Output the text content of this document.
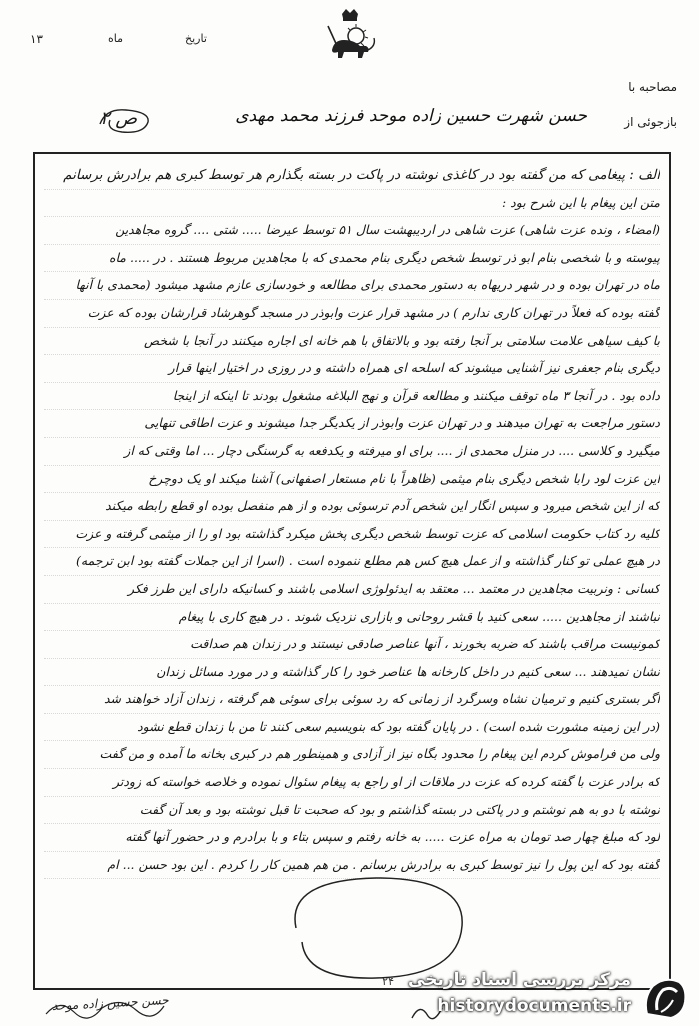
تاریخ
ماه
۱۳
مصاحبه با
بازجوئی از
حسن شهرت حسین زاده موحد فرزند محمد مهدی
ص ۲
الف : پیغامی که من گفته بود در کاغذی نوشته در پاکت در بسته بگذارم هر توسط کبری هم برادرش برسانم
متن این پیغام با این شرح بود :
(امضاء ، ونده عزت شاهی) عزت شاهی در اردیبهشت سال ۵۱ توسط عیرضا ..... شتی .... گروه مجاهدین
پیوسته و با شخصی بنام ابو ذر توسط شخص دیگری بنام محمدی که با مجاهدین مربوط هستند . در ..... ماه
ماه در تهران بوده و در شهر دریهاه به دستور محمدی برای مطالعه و خودسازی عازم مشهد میشود (محمدی با آنها
گفته بوده که فعلاً در تهران کاری ندارم ) در مشهد قرار عزت وابوذر در مسجد گوهرشاد قرارشان بوده که عزت
با کیف سیاهی علامت سلامتی بر آنجا رفته بود و بالاتفاق با هم خانه ای اجاره میکنند در آنجا با شخص
دیگری بنام جعفری نیز آشنایی میشوند که اسلحه ای همراه داشته و در روزی در اختیار اینها قرار
داده بود . در آنجا ۳ ماه توقف میکنند و مطالعه قرآن و نهج البلاغه مشغول بودند تا اینکه از اینجا
دستور مراجعت به تهران میدهند و در تهران عزت وابوذر از یکدیگر جدا میشوند و عزت اطاقی تنهایی
میگیرد و کلاسی .... در منزل محمدی از .... برای او میرفته و یکدفعه به گرسنگی دچار ... اما وقتی که از
این عزت لود رابا شخص دیگری بنام میثمی (ظاهراً با نام مستعار اصفهانی) آشنا میکند او یک دوچرخ
که از این شخص میرود و سپس انگار این شخص آدم ترسوئی بوده و از هم منفصل بوده او قطع رابطه میکند
کلیه رد کتاب حکومت اسلامی که عزت توسط شخص دیگری پخش میکرد گذاشته بود او را از میثمی گرفته و عزت
در هیچ عملی تو کنار گذاشته و از عمل هیچ کس هم مطلع ننموده است . (اسرا از این جملات گفته بود ابن ترجمه)
کسانی : ونربیت مجاهدین در معتمد ... معتقد به ایدئولوژی اسلامی باشند و کسانیکه دارای این طرز فکر
نباشند از مجاهدین ..... سعی کنید با قشر روحانی و بازاری نزدیک شوند . در هیچ کاری با پیغام
کمونیست مراقب باشند که ضربه بخورند ، آنها عناصر صادقی نیستند و در زندان هم صداقت
نشان نمیدهند ... سعی کنیم در داخل کارخانه ها عناصر خود را کار گذاشته و در مورد مسائل زندان
اگر بستری کنیم و ترمیان نشاه وسرگرد از زمانی که رد سوئی برای سوئی هم گرفته ، زندان آزاد خواهند شد
(در این زمینه مشورت شده است) . در پایان گفته بود که بنویسیم سعی کنند تا من با زندان قطع نشود
ولی من فراموش کردم این پیغام را محدود بگاه نیز از آزادی و همینطور هم در کبری بخانه ما آمده و من گفت
که برادر عزت با گفته کرده که عزت در ملاقات از او راجع به پیغام سئوال نموده و خلاصه خواسته که زودتر
نوشته با دو به هم نوشتم و در پاکتی در بسته گذاشتم و بود که صحبت تا قبل نوشته بود و بعد آن گفت
لود که مبلغ چهار صد تومان به مراه عزت ..... به خانه رفتم و سپس بتاء و با برادرم و در حضور آنها گفته
گفته بود که این پول را نیز توسط کبری به برادرش برسانم . من هم همین کار را کردم . این بود حسن ... ام
حسن حسین زاده موحد
۲۴ مرکز بررسی اسناد تاریخی
historydocuments.ir
